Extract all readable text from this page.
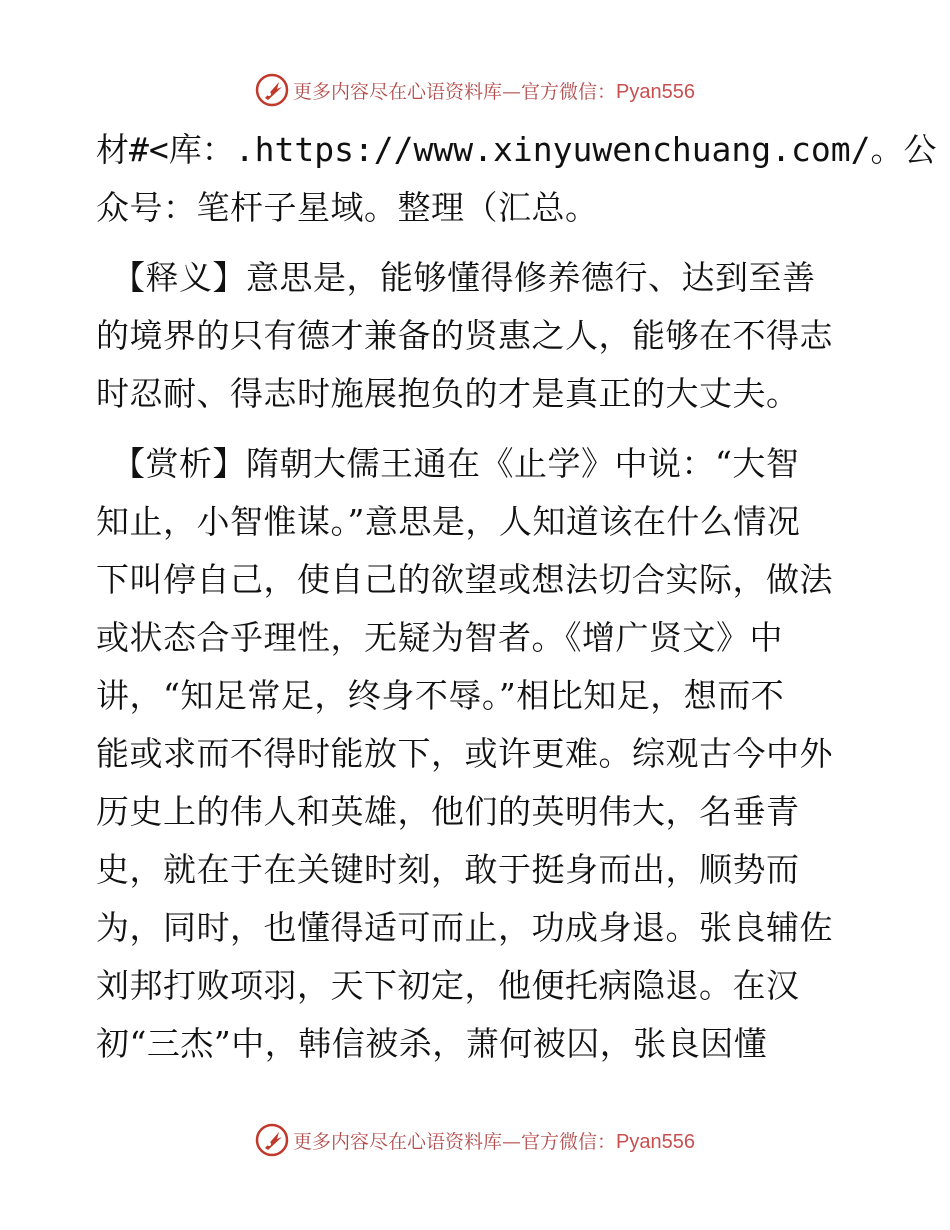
更多内容尽在心语资料库—官方微信：Pyan556
材#<库：.https://www.xinyuwenchuang.com/。公
众号：笔杆子星域。整理（汇总。
【释义】意思是，能够懂得修养德行、达到至善
的境界的只有德才兼备的贤惠之人，能够在不得志
时忍耐、得志时施展抱负的才是真正的大丈夫。
【赏析】隋朝大儒王通在《止学》中说：“大智
知止，小智惟谋。”意思是，人知道该在什么情况
下叫停自己，使自己的欲望或想法切合实际，做法
或状态合乎理性，无疑为智者。《增广贤文》中
讲，“知足常足，终身不辱。”相比知足，想而不
能或求而不得时能放下，或许更难。综观古今中外
历史上的伟人和英雄，他们的英明伟大，名垂青
史，就在于在关键时刻，敢于挺身而出，顺势而
为，同时，也懂得适可而止，功成身退。张良辅佐
刘邦打败项羽，天下初定，他便托病隐退。在汉
初“三杰”中，韩信被杀，萧何被囚，张良因懂
更多内容尽在心语资料库—官方微信：Pyan556
